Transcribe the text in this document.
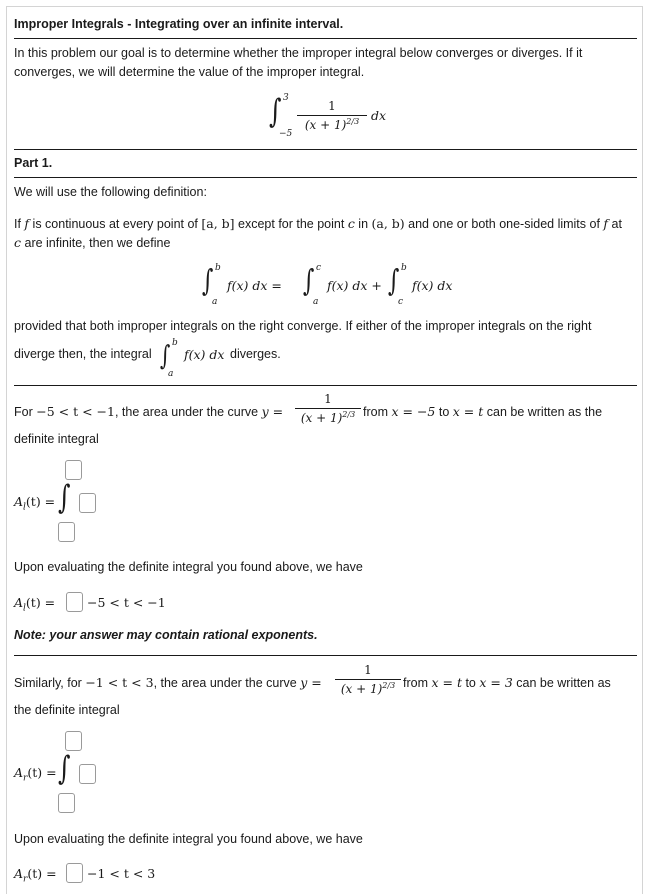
Improper Integrals - Integrating over an infinite interval.
In this problem our goal is to determine whether the improper integral below converges or diverges. If it
converges, we will determine the value of the improper integral.
∫ 3
−5
1
$(x + 1)^{2/3}$ dx
Part 1.
We will use the following definition:
If f is continuous at every point of [a, b] except for the point c in (a, b) and one or both one-sided limits of f at
c are infinite, then we define
∫ b
a
f(x) dx = ∫ c
a
f(x) dx + ∫ b
c
f(x) dx
provided that both improper integrals on the right converge. If either of the improper integrals on the right
diverge then, the integral ∫ b
a
f(x) dx diverges.
For −5 < t < −1, the area under the curve y =
1
$(x + 1)^{2/3}$ from x = −5 to x = t can be written as the
definite integral
$A_l(t)$ = ∫
Upon evaluating the definite integral you found above, we have
$A_l(t)$ =	−5 < t < −1
Note: your answer may contain rational exponents.
Similarly, for −1 < t < 3, the area under the curve y =
1
$(x + 1)^{2/3}$ from x = t to x = 3 can be written as
the definite integral
$A_r(t)$ = ∫
Upon evaluating the definite integral you found above, we have
$A_r(t) = -1 < t < 3$
